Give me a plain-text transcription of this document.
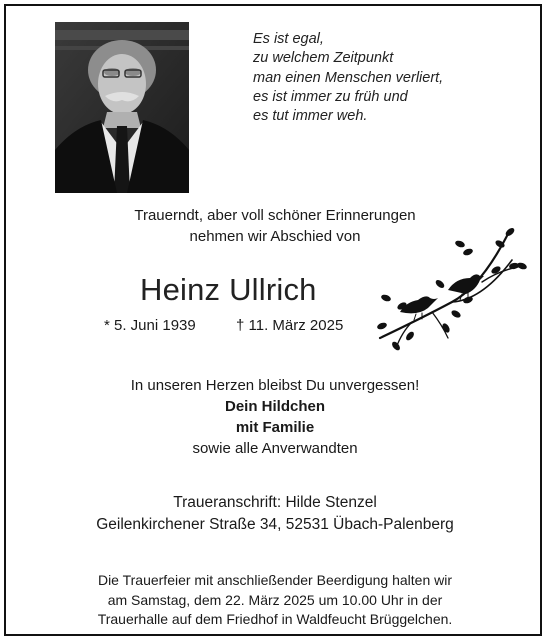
Es ist egal,
zu welchem Zeitpunkt
man einen Menschen verliert,
es ist immer zu früh und
es tut immer weh.
Trauerndt, aber voll schöner Erinnerungen
nehmen wir Abschied von
Heinz Ullrich
* 5. Juni 1939	† 11. März 2025
In unseren Herzen bleibst Du unvergessen!
Dein Hildchen
mit Familie
sowie alle Anverwandten
Traueranschrift: Hilde Stenzel
Geilenkirchener Straße 34, 52531 Übach-Palenberg
Die Trauerfeier mit anschließender Beerdigung halten wir
am Samstag, dem 22. März 2025 um 10.00 Uhr in der
Trauerhalle auf dem Friedhof in Waldfeucht Brüggelchen.
